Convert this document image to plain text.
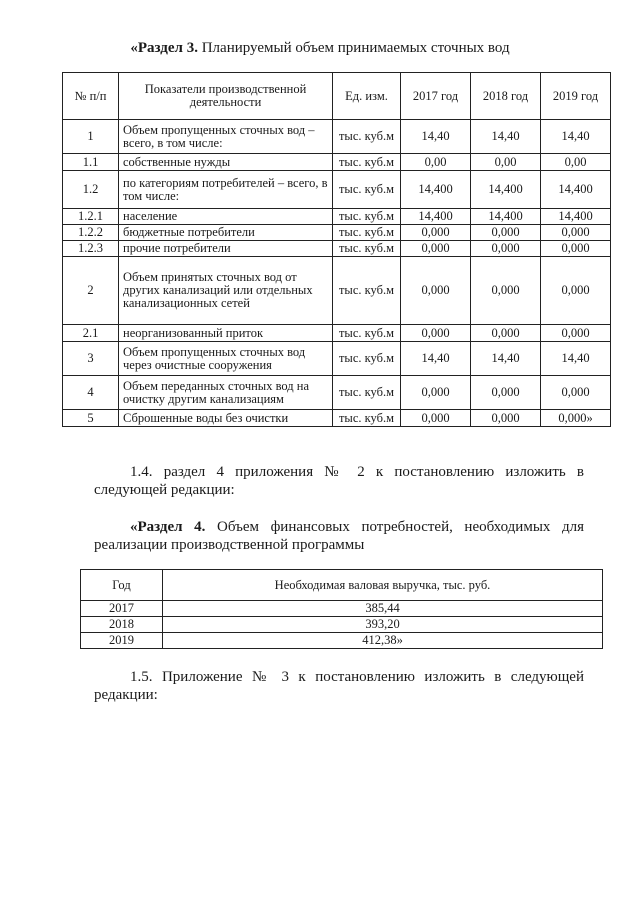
«Раздел 3. Планируемый объем принимаемых сточных вод
№ п/п	Показатели производственной деятельности	Ед. изм.	2017 год	2018 год	2019 год
1	Объем пропущенных сточных вод – всего, в том числе:	тыс. куб.м	14,40	14,40	14,40
1.1	собственные нужды	тыс. куб.м	0,00	0,00	0,00
1.2	по категориям потребителей – всего, в том числе:	тыс. куб.м	14,400	14,400	14,400
1.2.1	население	тыс. куб.м	14,400	14,400	14,400
1.2.2	бюджетные потребители	тыс. куб.м	0,000	0,000	0,000
1.2.3	прочие потребители	тыс. куб.м	0,000	0,000	0,000
2	Объем принятых сточных вод от других канализаций или отдельных канализационных сетей	тыс. куб.м	0,000	0,000	0,000
2.1	неорганизованный приток	тыс. куб.м	0,000	0,000	0,000
3	Объем пропущенных сточных вод через очистные сооружения	тыс. куб.м	14,40	14,40	14,40
4	Объем переданных сточных вод на очистку другим канализациям	тыс. куб.м	0,000	0,000	0,000
5	Сброшенные воды без очистки	тыс. куб.м	0,000	0,000	0,000»
1.4. раздел 4 приложения № 2 к постановлению изложить в следующей редакции:
«Раздел 4. Объем финансовых потребностей, необходимых для реализации производственной программы
Год	Необходимая валовая выручка, тыс. руб.
2017	385,44
2018	393,20
2019	412,38»
1.5. Приложение № 3 к постановлению изложить в следующей редакции:
